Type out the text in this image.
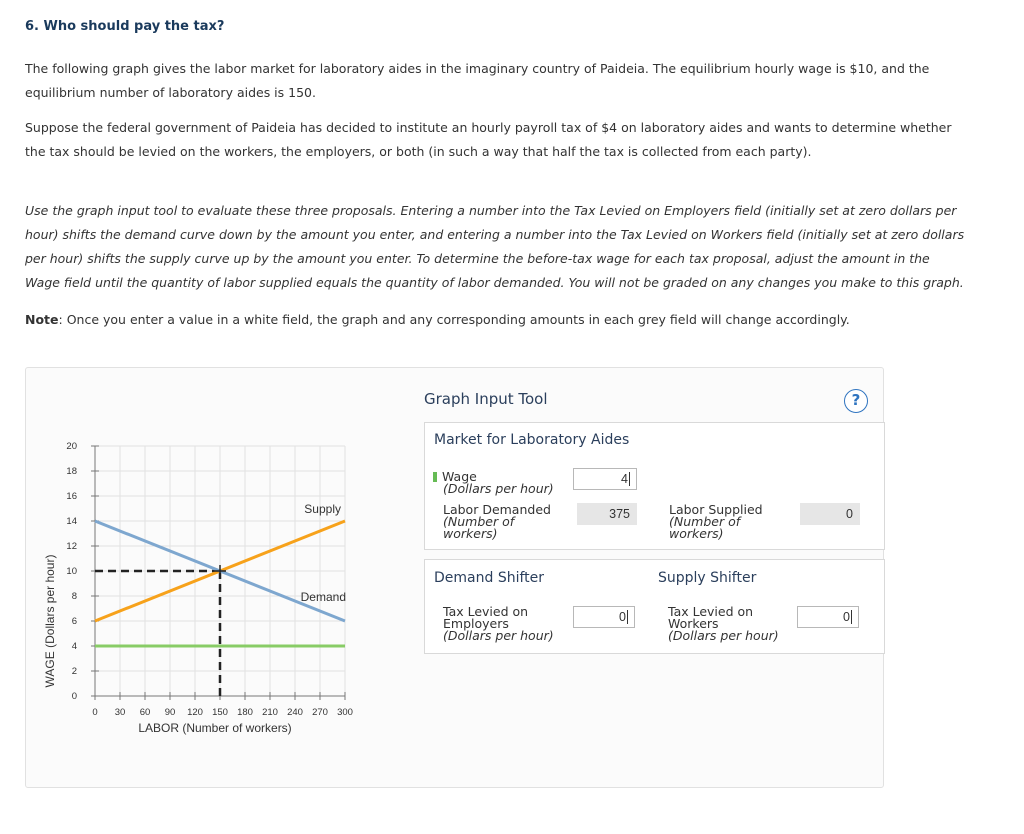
6. Who should pay the tax?

The following graph gives the labor market for laboratory aides in the imaginary country of Paideia. The equilibrium hourly wage is $10, and the equilibrium number of laboratory aides is 150.

Suppose the federal government of Paideia has decided to institute an hourly payroll tax of $4 on laboratory aides and wants to determine whether the tax should be levied on the workers, the employers, or both (in such a way that half the tax is collected from each party).

Use the graph input tool to evaluate these three proposals. Entering a number into the Tax Levied on Employers field (initially set at zero dollars per hour) shifts the demand curve down by the amount you enter, and entering a number into the Tax Levied on Workers field (initially set at zero dollars per hour) shifts the supply curve up by the amount you enter. To determine the before-tax wage for each tax proposal, adjust the amount in the Wage field until the quantity of labor supplied equals the quantity of labor demanded. You will not be graded on any changes you make to this graph.

Note: Once you enter a value in a white field, the graph and any corresponding amounts in each grey field will change accordingly.

0 30 60 90 120 150 180 210 240 270 300
0
2
4
6
8
10
12
14
16
18
20
LABOR (Number of workers)
WAGE (Dollars per hour)
Supply
Demand
Graph Input Tool	?
Market for Laboratory Aides
Wage
(Dollars per hour)
4
Labor Demanded
(Number of workers)
375	Labor Supplied
(Number of workers)
0
Demand Shifter	Supply Shifter
Tax Levied on Employers
(Dollars per hour)
0	Tax Levied on Workers
(Dollars per hour)
0
